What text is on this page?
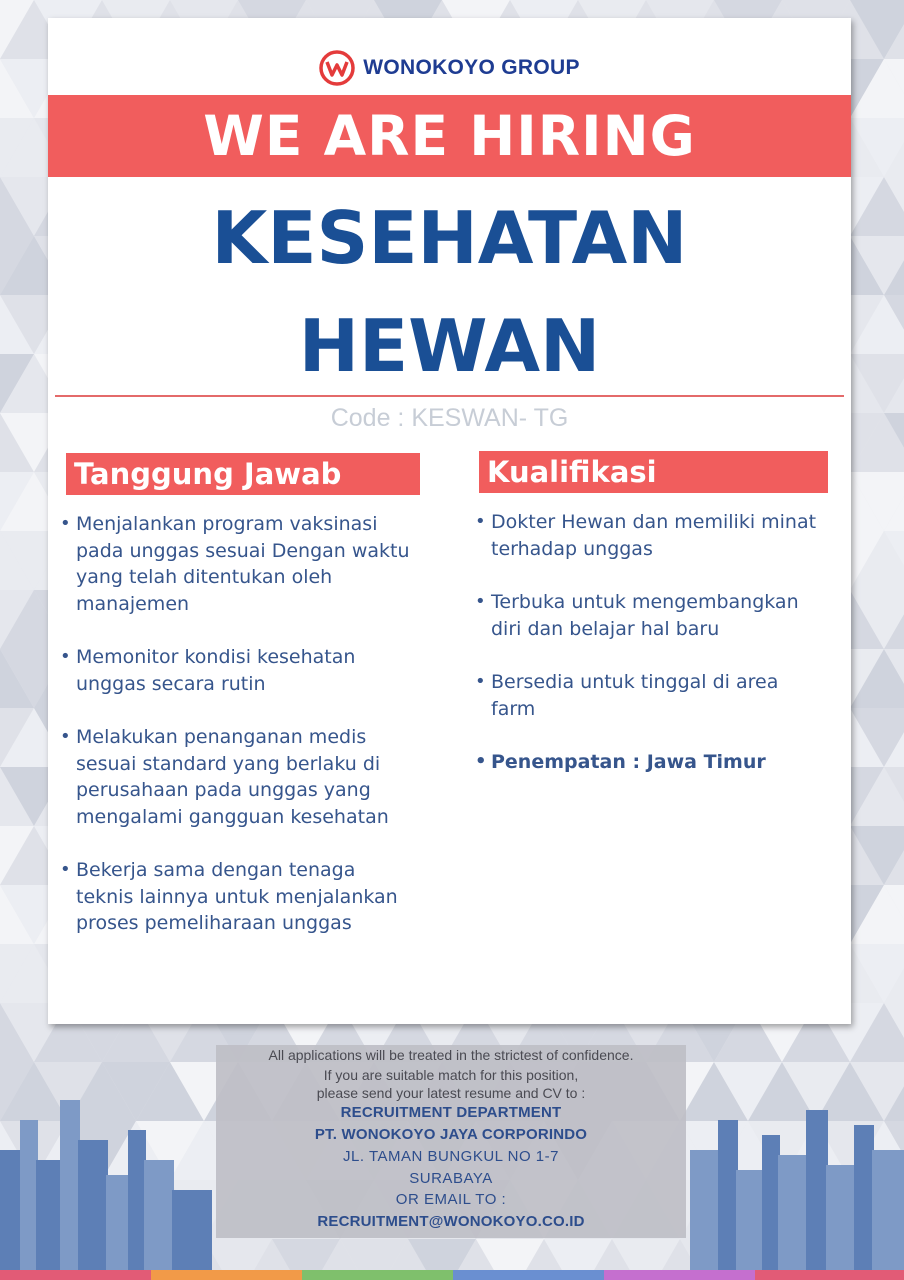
WONOKOYO GROUP
WE ARE HIRING
KESEHATAN
HEWAN
Code : KESWAN- TG
Tanggung Jawab
• Menjalankan program vaksinasi
pada unggas sesuai Dengan waktu
yang telah ditentukan oleh
manajemen
• Memonitor kondisi kesehatan
unggas secara rutin
• Melakukan penanganan medis
sesuai standard yang berlaku di
perusahaan pada unggas yang
mengalami gangguan kesehatan
• Bekerja sama dengan tenaga
teknis lainnya untuk menjalankan
proses pemeliharaan unggas
Kualifikasi
• Dokter Hewan dan memiliki minat
terhadap unggas
• Terbuka untuk mengembangkan
diri dan belajar hal baru
• Bersedia untuk tinggal di area
farm
• Penempatan : Jawa Timur
All applications will be treated in the strictest of confidence.
If you are suitable match for this position,
please send your latest resume and CV to :
RECRUITMENT DEPARTMENT
PT. WONOKOYO JAYA CORPORINDO
JL. TAMAN BUNGKUL NO 1-7
SURABAYA
OR EMAIL TO :
RECRUITMENT@WONOKOYO.CO.ID
